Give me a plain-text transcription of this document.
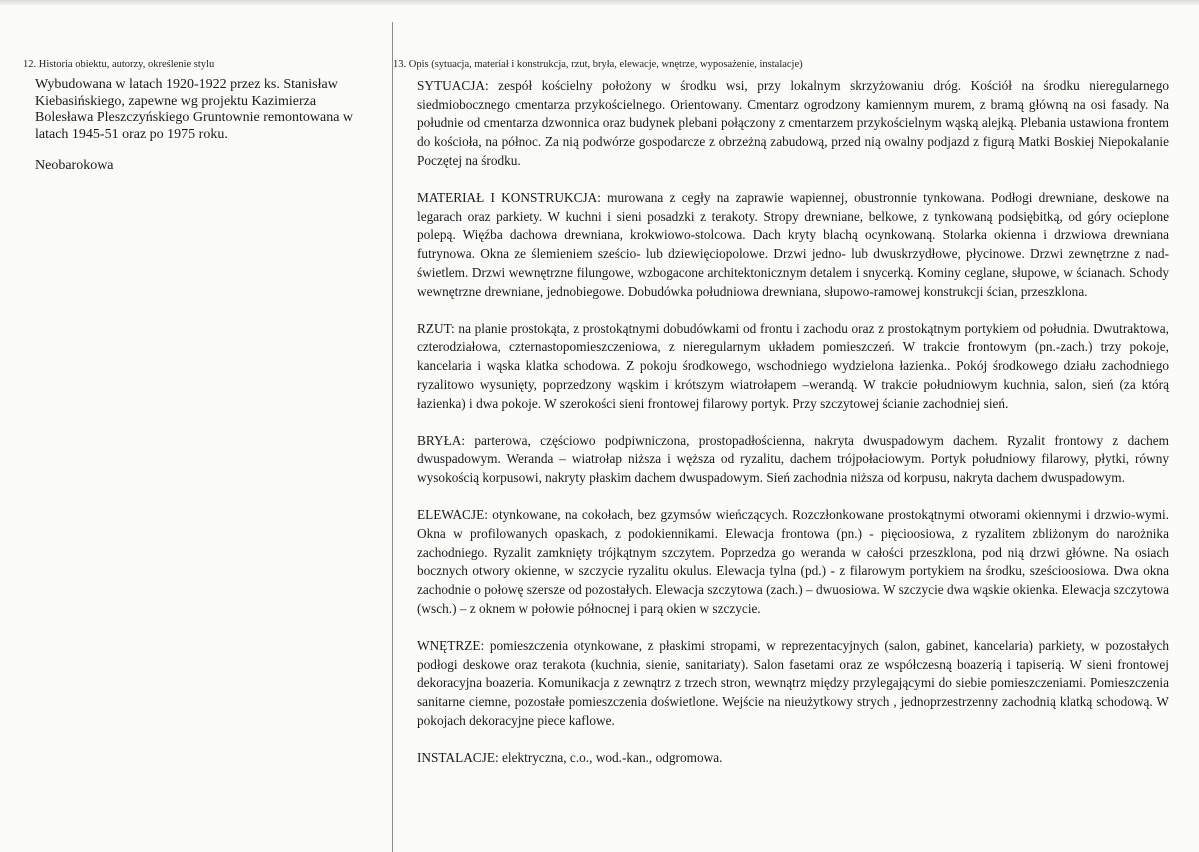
12. Historia obiektu, autorzy, określenie stylu

Wybudowana w latach 1920-1922 przez ks. Stanisław Kiebasińskiego, zapewne wg projektu Kazimierza Bolesława Pleszczyńskiego Gruntownie remontowana w latach 1945-51 oraz po 1975 roku.

Neobarokowa

13. Opis (sytuacja, materiał i konstrukcja, rzut, bryła, elewacje, wnętrze, wyposażenie, instalacje)

SYTUACJA: zespół kościelny położony w środku wsi, przy lokalnym skrzyżowaniu dróg. Kościół na środku nieregularnego siedmiobocznego cmentarza przykościelnego. Orientowany. Cmentarz ogrodzony kamiennym murem, z bramą główną na osi fasady. Na południe od cmentarza dzwonnica oraz budynek plebani połączony z cmentarzem przykościelnym wąską alejką. Plebania ustawiona frontem do kościoła, na północ. Za nią podwórze gospodarcze z obrzeżną zabudową, przed nią owalny podjazd z figurą Matki Boskiej Niepokalanie Poczętej na środku.

MATERIAŁ I KONSTRUKCJA: murowana z cegły na zaprawie wapiennej, obustronnie tynkowana. Podłogi drewniane, deskowe na legarach oraz parkiety. W kuchni i sieni posadzki z terakoty. Stropy drewniane, belkowe, z tynkowaną podsiębitką, od góry ocieplone polepą. Więźba dachowa drewniana, krokwiowo-stolcowa. Dach kryty blachą ocynkowaną. Stolarka okienna i drzwiowa drewniana futrynowa. Okna ze ślemieniem sześcio- lub dziewięciopolowe. Drzwi jedno- lub dwuskrzydłowe, płycinowe. Drzwi zewnętrzne z nad-świetlem. Drzwi wewnętrzne filungowe, wzbogacone architektonicznym detalem i snycerką. Kominy ceglane, słupowe, w ścianach. Schody wewnętrzne drewniane, jednobiegowe. Dobudówka południowa drewniana, słupowo-ramowej konstrukcji ścian, przeszklona.

RZUT: na planie prostokąta, z prostokątnymi dobudówkami od frontu i zachodu oraz z prostokątnym portykiem od południa. Dwutraktowa, czterodziałowa, czternastopomieszczeniowa, z nieregularnym układem pomieszczeń. W trakcie frontowym (pn.-zach.) trzy pokoje, kancelaria i wąska klatka schodowa. Z pokoju środkowego, wschodniego wydzielona łazienka.. Pokój środkowego działu zachodniego ryzalitowo wysunięty, poprzedzony wąskim i krótszym wiatrołapem –werandą. W trakcie południowym kuchnia, salon, sień (za którą łazienka) i dwa pokoje. W szerokości sieni frontowej filarowy portyk. Przy szczytowej ścianie zachodniej sień.

BRYŁA: parterowa, częściowo podpiwniczona, prostopadłościenna, nakryta dwuspadowym dachem. Ryzalit frontowy z dachem dwuspadowym. Weranda – wiatrołap niższa i węższa od ryzalitu, dachem trójpołaciowym. Portyk południowy filarowy, płytki, równy wysokością korpusowi, nakryty płaskim dachem dwuspadowym. Sień zachodnia niższa od korpusu, nakryta dachem dwuspadowym.

ELEWACJE: otynkowane, na cokołach, bez gzymsów wieńczących. Rozczłonkowane prostokątnymi otworami okiennymi i drzwio-wymi. Okna w profilowanych opaskach, z podokiennikami. Elewacja frontowa (pn.) - pięcioosiowa, z ryzalitem zbliżonym do narożnika zachodniego. Ryzalit zamknięty trójkątnym szczytem. Poprzedza go weranda w całości przeszklona, pod nią drzwi główne. Na osiach bocznych otwory okienne, w szczycie ryzalitu okulus. Elewacja tylna (pd.) - z filarowym portykiem na środku, sześcioosiowa. Dwa okna zachodnie o połowę szersze od pozostałych. Elewacja szczytowa (zach.) – dwuosiowa. W szczycie dwa wąskie okienka. Elewacja szczytowa (wsch.) – z oknem w połowie północnej i parą okien w szczycie.

WNĘTRZE: pomieszczenia otynkowane, z płaskimi stropami, w reprezentacyjnych (salon, gabinet, kancelaria) parkiety, w pozostałych podłogi deskowe oraz terakota (kuchnia, sienie, sanitariaty). Salon fasetami oraz ze współczesną boazerią i tapiserią. W sieni frontowej dekoracyjna boazeria. Komunikacja z zewnątrz z trzech stron, wewnątrz między przylegającymi do siebie pomieszczeniami. Pomieszczenia sanitarne ciemne, pozostałe pomieszczenia doświetlone. Wejście na nieużytkowy strych , jednoprzestrzenny zachodnią klatką schodową. W pokojach dekoracyjne piece kaflowe.

INSTALACJE: elektryczna, c.o., wod.-kan., odgromowa.
